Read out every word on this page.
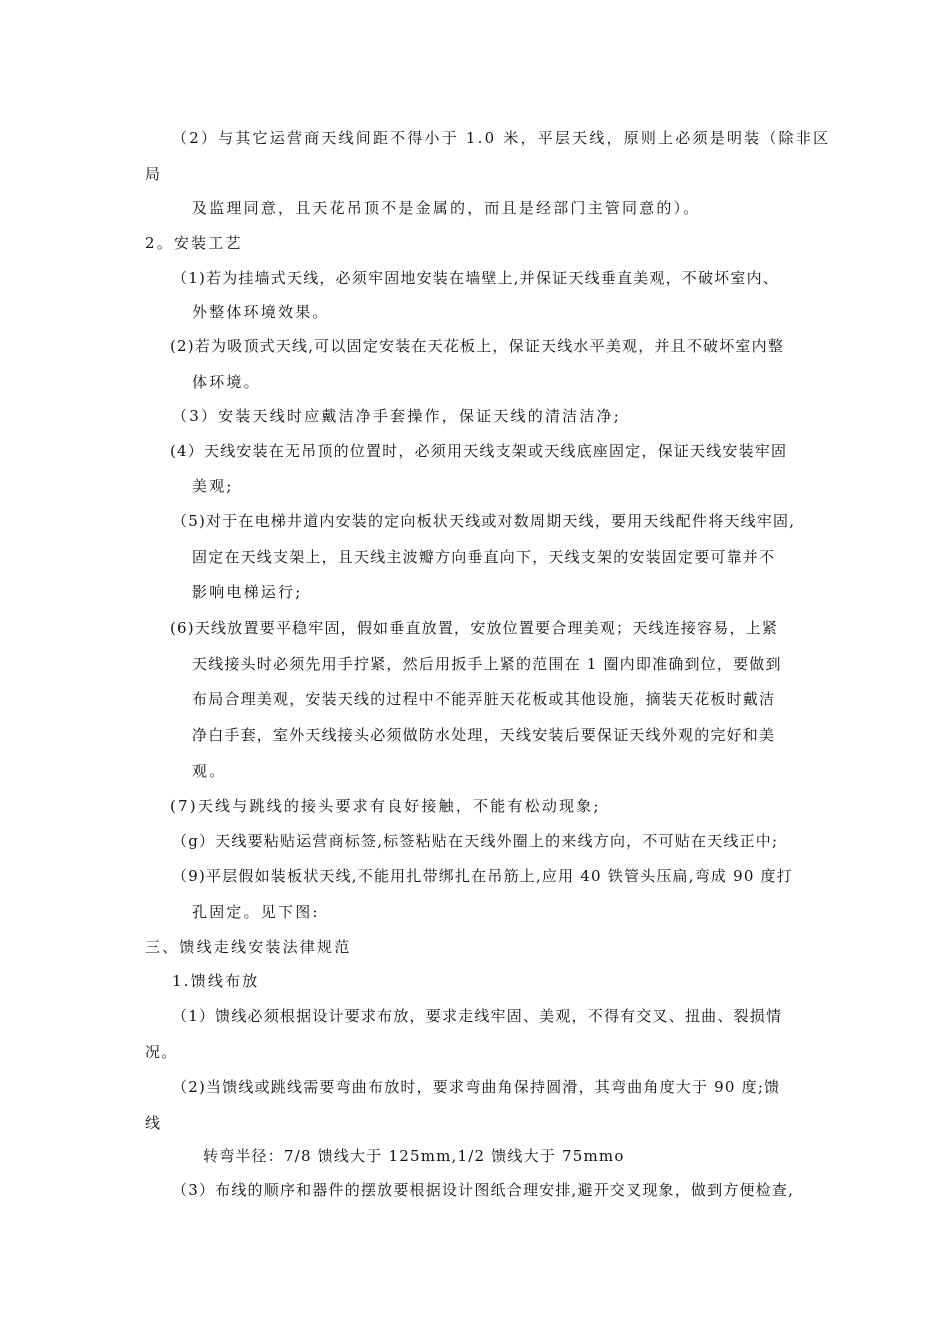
（2）与其它运营商天线间距不得小于 1.0 米，平层天线，原则上必须是明装（除非区
局
及监理同意，且天花吊顶不是金属的，而且是经部门主管同意的）。
2。安装工艺
（1)若为挂墙式天线，必须牢固地安装在墙壁上,并保证天线垂直美观，不破坏室内、
外整体环境效果。
(2)若为吸顶式天线,可以固定安装在天花板上，保证天线水平美观，并且不破坏室内整
体环境。
（3）安装天线时应戴洁净手套操作，保证天线的清洁洁净;
(4）天线安装在无吊顶的位置时，必须用天线支架或天线底座固定，保证天线安装牢固
美观;
（5)对于在电梯井道内安装的定向板状天线或对数周期天线，要用天线配件将天线牢固,
固定在天线支架上，且天线主波瓣方向垂直向下，天线支架的安装固定要可靠并不
影响电梯运行;
(6)天线放置要平稳牢固，假如垂直放置，安放位置要合理美观；天线连接容易，上紧
天线接头时必须先用手拧紧，然后用扳手上紧的范围在 1 圈内即准确到位，要做到
布局合理美观，安装天线的过程中不能弄脏天花板或其他设施，摘装天花板时戴洁
净白手套，室外天线接头必须做防水处理，天线安装后要保证天线外观的完好和美
观。
(7)天线与跳线的接头要求有良好接触，不能有松动现象;
（g）天线要粘贴运营商标签,标签粘贴在天线外圈上的来线方向，不可贴在天线正中;
（9)平层假如装板状天线,不能用扎带绑扎在吊筋上,应用 40 铁管头压扁,弯成 90 度打
孔固定。见下图:
三、馈线走线安装法律规范
1.馈线布放
（1）馈线必须根据设计要求布放，要求走线牢固、美观，不得有交叉、扭曲、裂损情
况。
（2)当馈线或跳线需要弯曲布放时，要求弯曲角保持圆滑，其弯曲角度大于 90 度;馈
线
转弯半径：7/8 馈线大于 125mm,1/2 馈线大于 75mmo
（3）布线的顺序和器件的摆放要根据设计图纸合理安排,避开交叉现象，做到方便检查,
